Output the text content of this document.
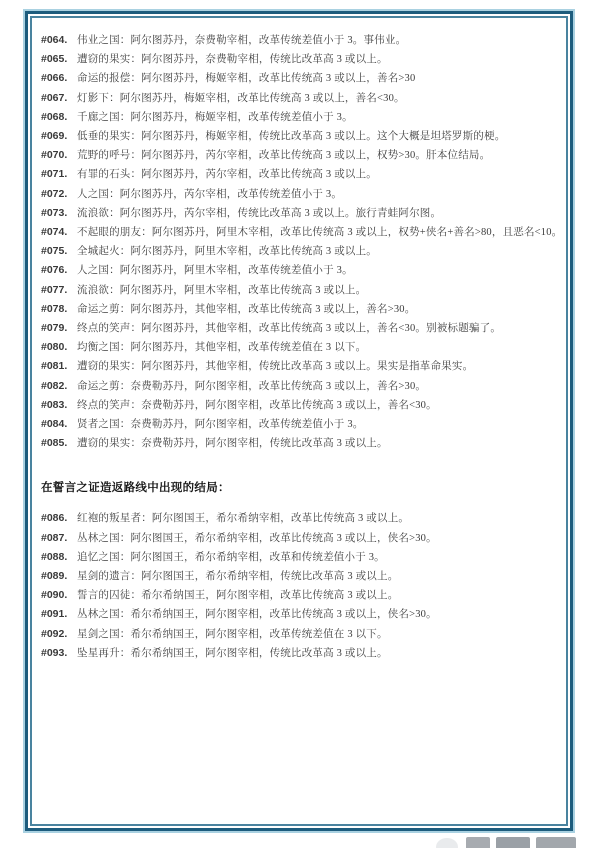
#064. 伟业之国：阿尔图苏丹，奈费勒宰相，改革传统差值小于 3。事伟业。
#065. 遭窃的果实：阿尔图苏丹，奈费勒宰相，传统比改革高 3 或以上。
#066. 命运的报偿：阿尔图苏丹，梅姬宰相，改革比传统高 3 或以上，善名>30
#067. 灯影下：阿尔图苏丹，梅姬宰相，改革比传统高 3 或以上，善名<30。
#068. 千廊之国：阿尔图苏丹，梅姬宰相，改革传统差值小于 3。
#069. 低垂的果实：阿尔图苏丹，梅姬宰相，传统比改革高 3 或以上。这个大概是坦塔罗斯的梗。
#070. 荒野的呼号：阿尔图苏丹，芮尔宰相，改革比传统高 3 或以上，权势>30。肝本位结局。
#071. 有罪的石头：阿尔图苏丹，芮尔宰相，改革比传统高 3 或以上。
#072. 人之国：阿尔图苏丹，芮尔宰相，改革传统差值小于 3。
#073. 流浪欲：阿尔图苏丹，芮尔宰相，传统比改革高 3 或以上。旅行青蛙阿尔图。
#074. 不起眼的朋友：阿尔图苏丹，阿里木宰相，改革比传统高 3 或以上，权势+侠名+善名>80，且恶名<10。
#075. 全城起火：阿尔图苏丹，阿里木宰相，改革比传统高 3 或以上。
#076. 人之国：阿尔图苏丹，阿里木宰相，改革传统差值小于 3。
#077. 流浪欲：阿尔图苏丹，阿里木宰相，改革比传统高 3 或以上。
#078. 命运之剪：阿尔图苏丹，其他宰相，改革比传统高 3 或以上，善名>30。
#079. 终点的笑声：阿尔图苏丹，其他宰相，改革比传统高 3 或以上，善名<30。别被标题骗了。
#080. 均衡之国：阿尔图苏丹，其他宰相，改革传统差值在 3 以下。
#081. 遭窃的果实：阿尔图苏丹，其他宰相，传统比改革高 3 或以上。果实是指革命果实。
#082. 命运之剪：奈费勒苏丹，阿尔图宰相，改革比传统高 3 或以上，善名>30。
#083. 终点的笑声：奈费勒苏丹，阿尔图宰相，改革比传统高 3 或以上，善名<30。
#084. 贤者之国：奈费勒苏丹，阿尔图宰相，改革传统差值小于 3。
#085. 遭窃的果实：奈费勒苏丹，阿尔图宰相，传统比改革高 3 或以上。
在誓言之证造返路线中出现的结局：
#086. 红袍的叛星者：阿尔图国王，希尔希纳宰相，改革比传统高 3 或以上。
#087. 丛林之国：阿尔图国王，希尔希纳宰相，改革比传统高 3 或以上，侠名>30。
#088. 追忆之国：阿尔图国王，希尔希纳宰相，改革和传统差值小于 3。
#089. 星剑的遗言：阿尔图国王，希尔希纳宰相，传统比改革高 3 或以上。
#090. 誓言的囚徒：希尔希纳国王，阿尔图宰相，改革比传统高 3 或以上。
#091. 丛林之国：希尔希纳国王，阿尔图宰相，改革比传统高 3 或以上，侠名>30。
#092. 星剑之国：希尔希纳国王，阿尔图宰相，改革传统差值在 3 以下。
#093. 坠星再升：希尔希纳国王，阿尔图宰相，传统比改革高 3 或以上。
